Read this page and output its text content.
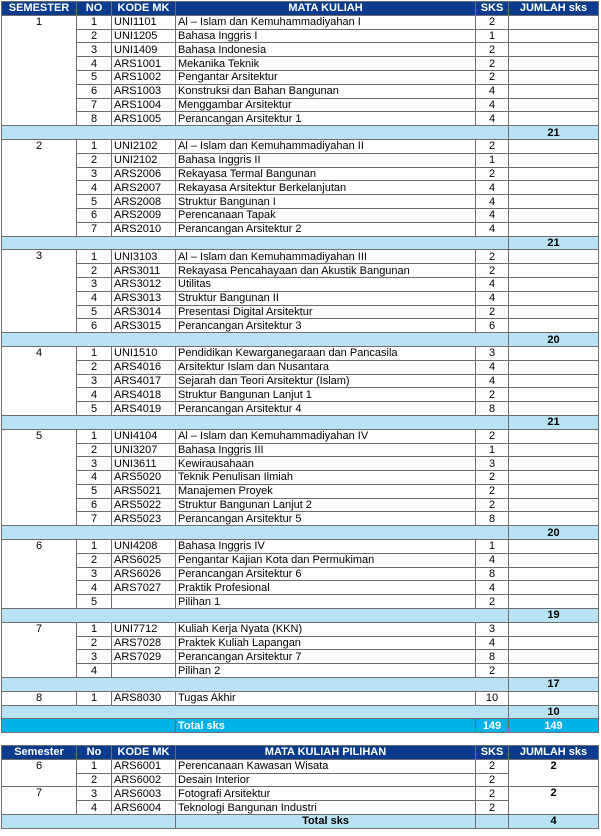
SEMESTER	NO	KODE MK	MATA KULIAH	SKS	JUMLAH sks
1	1	UNI1101	Al – Islam dan Kemuhammadiyahan I	2	
	2	UNI1205	Bahasa Inggris I	1	
	3	UNI1409	Bahasa Indonesia	2	
	4	ARS1001	Mekanika Teknik	2	
	5	ARS1002	Pengantar Arsitektur	2	
	6	ARS1003	Konstruksi dan Bahan Bangunan	4	
	7	ARS1004	Menggambar Arsitektur	4	
	8	ARS1005	Perancangan Arsitektur 1	4	
					21
2	1	UNI2102	Al – Islam dan Kemuhammadiyahan II	2	
	2	UNI2102	Bahasa Inggris II	1	
	3	ARS2006	Rekayasa Termal Bangunan	2	
	4	ARS2007	Rekayasa Arsitektur Berkelanjutan	4	
	5	ARS2008	Struktur Bangunan I	4	
	6	ARS2009	Perencanaan Tapak	4	
	7	ARS2010	Perancangan Arsitektur 2	4	
					21
3	1	UNI3103	Al – Islam dan Kemuhammadiyahan III	2	
	2	ARS3011	Rekayasa Pencahayaan dan Akustik Bangunan	2	
	3	ARS3012	Utilitas	4	
	4	ARS3013	Struktur Bangunan II	4	
	5	ARS3014	Presentasi Digital Arsitektur	2	
	6	ARS3015	Perancangan Arsitektur 3	6	
					20
4	1	UNI1510	Pendidikan Kewarganegaraan dan Pancasila	3	
	2	ARS4016	Arsitektur Islam dan Nusantara	4	
	3	ARS4017	Sejarah dan Teori Arsitektur (Islam)	4	
	4	ARS4018	Struktur Bangunan Lanjut 1	2	
	5	ARS4019	Perancangan Arsitektur 4	8	
					21
5	1	UNI4104	Al – Islam dan Kemuhammadiyahan IV	2	
	2	UNI3207	Bahasa Inggris III	1	
	3	UNI3611	Kewirausahaan	3	
	4	ARS5020	Teknik Penulisan Ilmiah	2	
	5	ARS5021	Manajemen Proyek	2	
	6	ARS5022	Struktur Bangunan Lanjut 2	2	
	7	ARS5023	Perancangan Arsitektur 5	8	
					20
6	1	UNI4208	Bahasa Inggris IV	1	
	2	ARS6025	Pengantar Kajian Kota dan Permukiman	4	
	3	ARS6026	Perancangan Arsitektur 6	8	
	4	ARS7027	Praktik Profesional	4	
	5		Pilihan 1	2	
					19
7	1	UNI7712	Kuliah Kerja Nyata (KKN)	3	
	2	ARS7028	Praktek Kuliah Lapangan	4	
	3	ARS7029	Perancangan Arsitektur 7	8	
	4		Pilihan 2	2	
					17
8	1	ARS8030	Tugas Akhir	10	
					10
			Total sks	149	149
Semester	No	KODE MK	MATA KULIAH PILIHAN	SKS	JUMLAH sks
6	1	ARS6001	Perencanaan Kawasan Wisata	2	2
	2	ARS6002	Desain Interior	2	
7	3	ARS6003	Fotografi Arsitektur	2	2
	4	ARS6004	Teknologi Bangunan Industri	2	
			Total sks		4
